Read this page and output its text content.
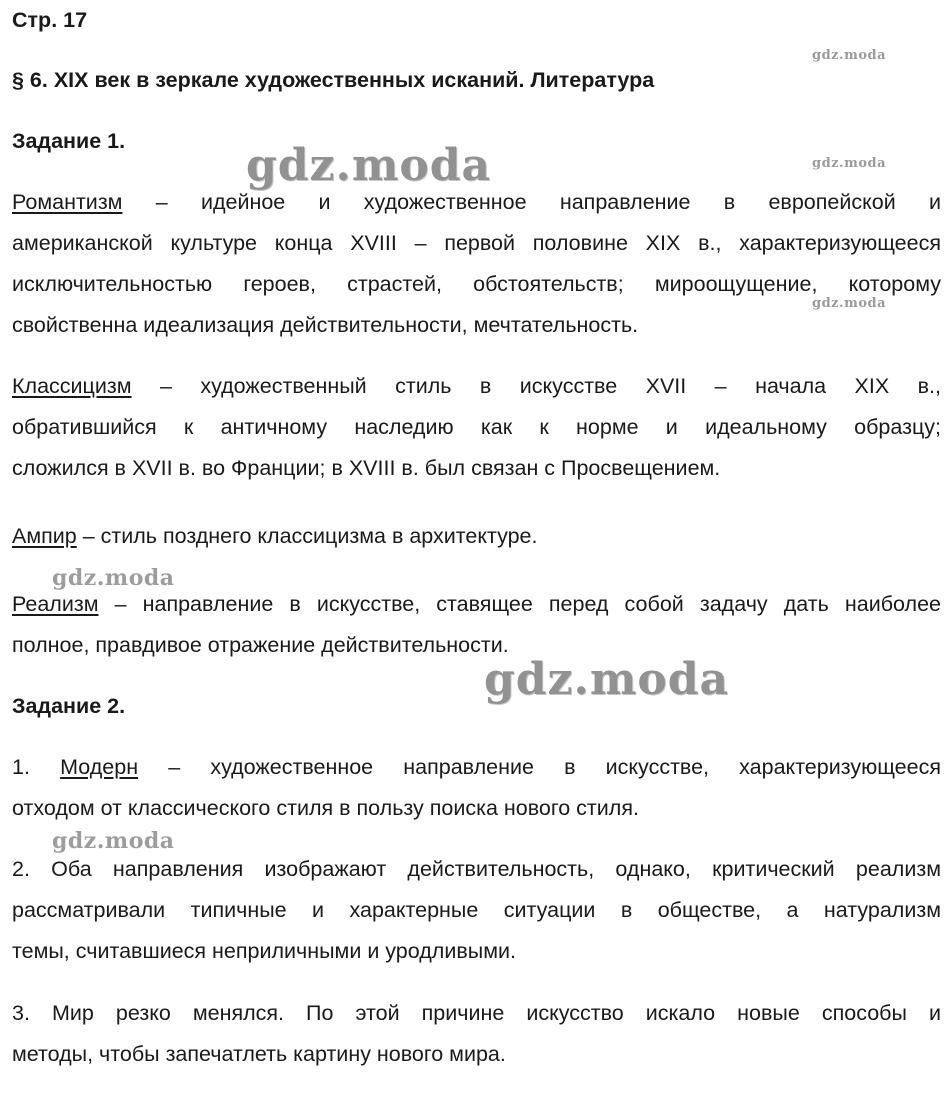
Стр. 17
§ 6. XIX век в зеркале художественных исканий. Литература
Задание 1.
Романтизм – идейное и художественное направление в европейской и
американской культуре конца XVIII – первой половине XIX в., характеризующееся
исключительностью героев, страстей, обстоятельств; мироощущение, которому
свойственна идеализация действительности, мечтательность.
Классицизм – художественный стиль в искусстве XVII – начала XIX в.,
обратившийся к античному наследию как к норме и идеальному образцу;
сложился в XVII в. во Франции; в XVIII в. был связан с Просвещением.
Ампир – стиль позднего классицизма в архитектуре.
Реализм – направление в искусстве, ставящее перед собой задачу дать наиболее
полное, правдивое отражение действительности.
Задание 2.
1. Модерн – художественное направление в искусстве, характеризующееся
отходом от классического стиля в пользу поиска нового стиля.
2. Оба направления изображают действительность, однако, критический реализм
рассматривали типичные и характерные ситуации в обществе, а натурализм
темы, считавшиеся неприличными и уродливыми.
3. Мир резко менялся. По этой причине искусство искало новые способы и
методы, чтобы запечатлеть картину нового мира.
gdz.moda
gdz.moda	gdz.moda
gdz.moda
gdz.moda
gdz.moda
gdz.moda
